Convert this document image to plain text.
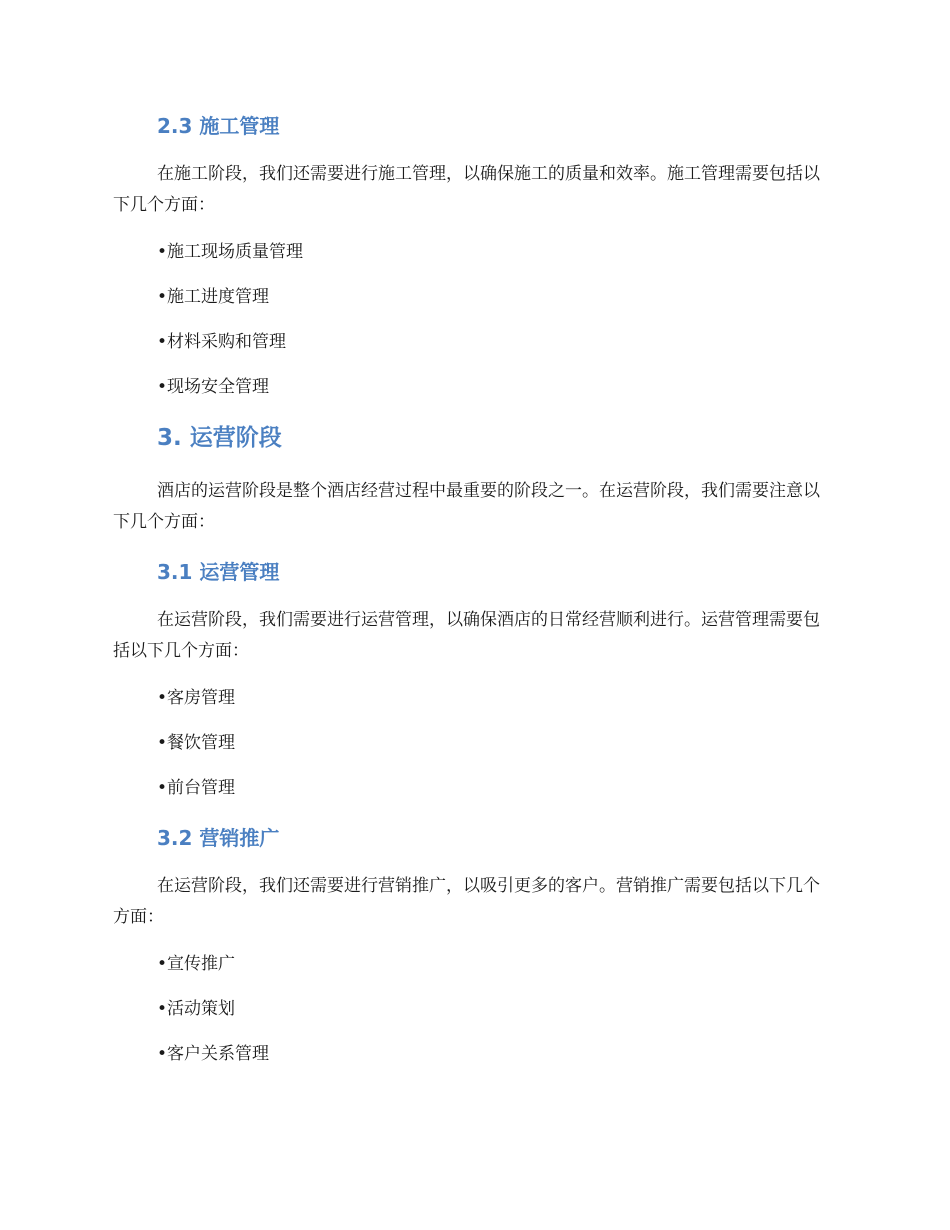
2.3 施工管理

在施工阶段，我们还需要进行施工管理，以确保施工的质量和效率。施工管理需要包括以下几个方面：

•施工现场质量管理
•施工进度管理
•材料采购和管理
•现场安全管理
3. 运营阶段

酒店的运营阶段是整个酒店经营过程中最重要的阶段之一。在运营阶段，我们需要注意以下几个方面：

3.1 运营管理

在运营阶段，我们需要进行运营管理，以确保酒店的日常经营顺利进行。运营管理需要包括以下几个方面：

•客房管理
•餐饮管理
•前台管理
3.2 营销推广

在运营阶段，我们还需要进行营销推广，以吸引更多的客户。营销推广需要包括以下几个方面：

•宣传推广
•活动策划
•客户关系管理
